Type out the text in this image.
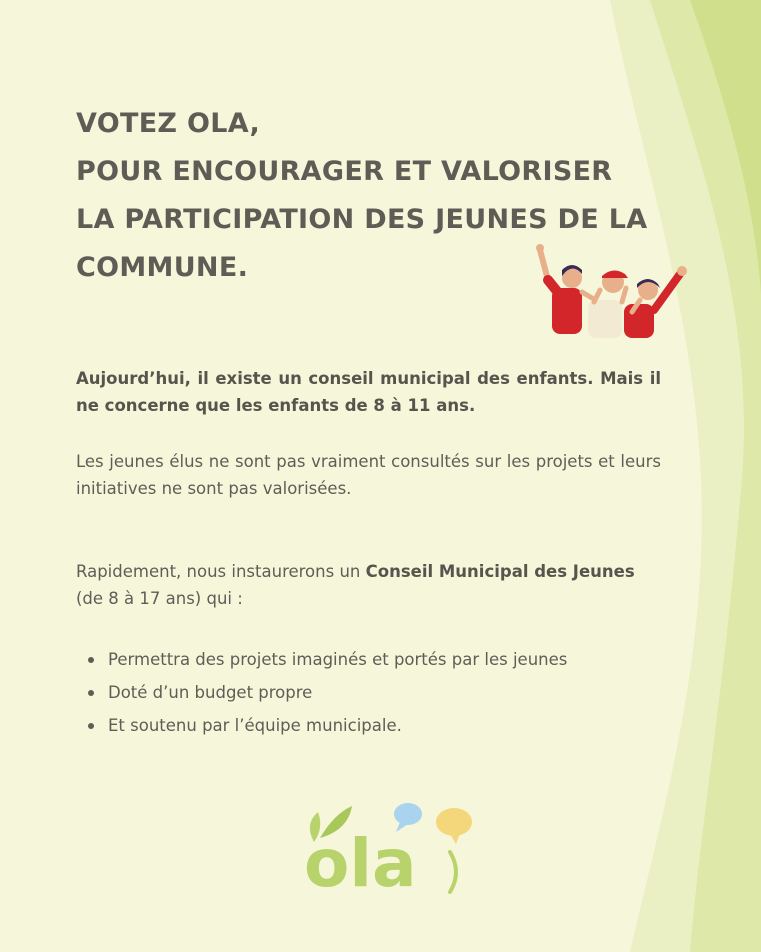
VOTEZ OLA,
POUR ENCOURAGER ET VALORISER
LA PARTICIPATION DES JEUNES DE LA
COMMUNE.

Aujourd’hui, il existe un conseil municipal des enfants. Mais il ne concerne que les enfants de 8 à 11 ans.

Les jeunes élus ne sont pas vraiment consultés sur les projets et leurs initiatives ne sont pas valorisées.

Rapidement, nous instaurerons un Conseil Municipal des Jeunes (de 8 à 17 ans) qui :

Permettra des projets imaginés et portés par les jeunes
Doté d’un budget propre
Et soutenu par l’équipe municipale.
ola
